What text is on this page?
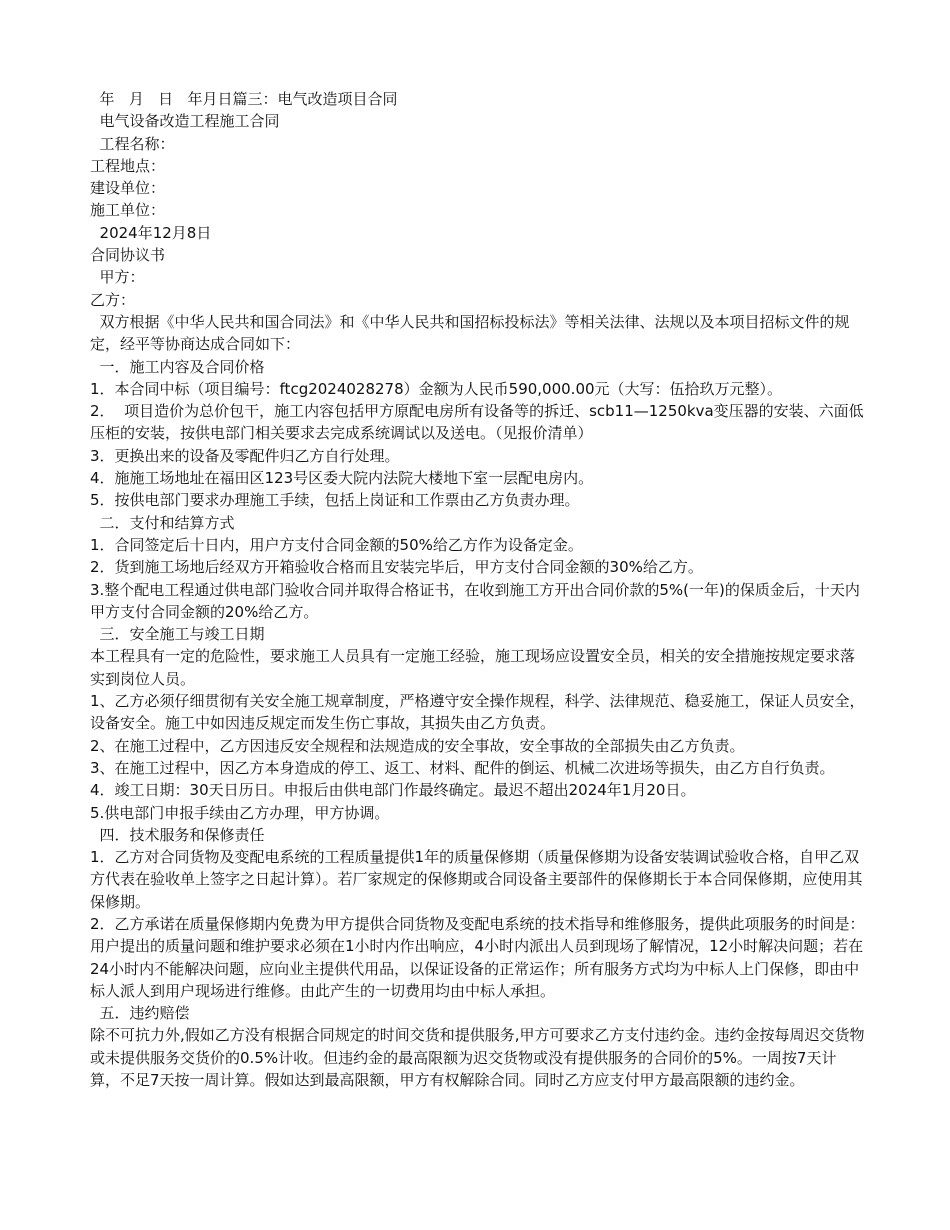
年   月   日   年月日篇三：电气改造项目合同

电气设备改造工程施工合同

工程名称：

工程地点：

建设单位：

施工单位：

2024年12月8日

合同协议书

甲方：

乙方：

双方根据《中华人民共和国合同法》和《中华人民共和国招标投标法》等相关法律、法规以及本项目招标文件的规定，经平等协商达成合同如下：

一．施工内容及合同价格

1．本合同中标（项目编号：ftcg2024028278）金额为人民币590,000.00元（大写：伍拾玖万元整）。

2．  项目造价为总价包干，施工内容包括甲方原配电房所有设备等的拆迁、scb11—1250kva变压器的安装、六面低压柜的安装，按供电部门相关要求去完成系统调试以及送电。（见报价清单）

3．更换出来的设备及零配件归乙方自行处理。

4．施施工场地址在福田区123号区委大院内法院大楼地下室一层配电房内。

5．按供电部门要求办理施工手续，包括上岗证和工作票由乙方负责办理。

二．支付和结算方式

1．合同签定后十日内，用户方支付合同金额的50%给乙方作为设备定金。

2．货到施工场地后经双方开箱验收合格而且安装完毕后，甲方支付合同金额的30%给乙方。

3.整个配电工程通过供电部门验收合同并取得合格证书，在收到施工方开出合同价款的5%(一年)的保质金后，十天内甲方支付合同金额的20%给乙方。

三．安全施工与竣工日期

本工程具有一定的危险性，要求施工人员具有一定施工经验，施工现场应设置安全员，相关的安全措施按规定要求落实到岗位人员。

1、乙方必须仔细贯彻有关安全施工规章制度，严格遵守安全操作规程，科学、法律规范、稳妥施工，保证人员安全，设备安全。施工中如因违反规定而发生伤亡事故，其损失由乙方负责。

2、在施工过程中，乙方因违反安全规程和法规造成的安全事故，安全事故的全部损失由乙方负责。

3、在施工过程中，因乙方本身造成的停工、返工、材料、配件的倒运、机械二次进场等损失，由乙方自行负责。

4．竣工日期：30天日历日。申报后由供电部门作最终确定。最迟不超出2024年1月20日。

5.供电部门申报手续由乙方办理，甲方协调。

四．技术服务和保修责任

1．乙方对合同货物及变配电系统的工程质量提供1年的质量保修期（质量保修期为设备安装调试验收合格，自甲乙双方代表在验收单上签字之日起计算）。若厂家规定的保修期或合同设备主要部件的保修期长于本合同保修期，应使用其保修期。

2．乙方承诺在质量保修期内免费为甲方提供合同货物及变配电系统的技术指导和维修服务，提供此项服务的时间是：用户提出的质量问题和维护要求必须在1小时内作出响应，4小时内派出人员到现场了解情况，12小时解决问题；若在24小时内不能解决问题，应向业主提供代用品，以保证设备的正常运作；所有服务方式均为中标人上门保修，即由中标人派人到用户现场进行维修。由此产生的一切费用均由中标人承担。

五．违约赔偿

除不可抗力外,假如乙方没有根据合同规定的时间交货和提供服务,甲方可要求乙方支付违约金。违约金按每周迟交货物或未提供服务交货价的0.5%计收。但违约金的最高限额为迟交货物或没有提供服务的合同价的5%。一周按7天计算，不足7天按一周计算。假如达到最高限额，甲方有权解除合同。同时乙方应支付甲方最高限额的违约金。
